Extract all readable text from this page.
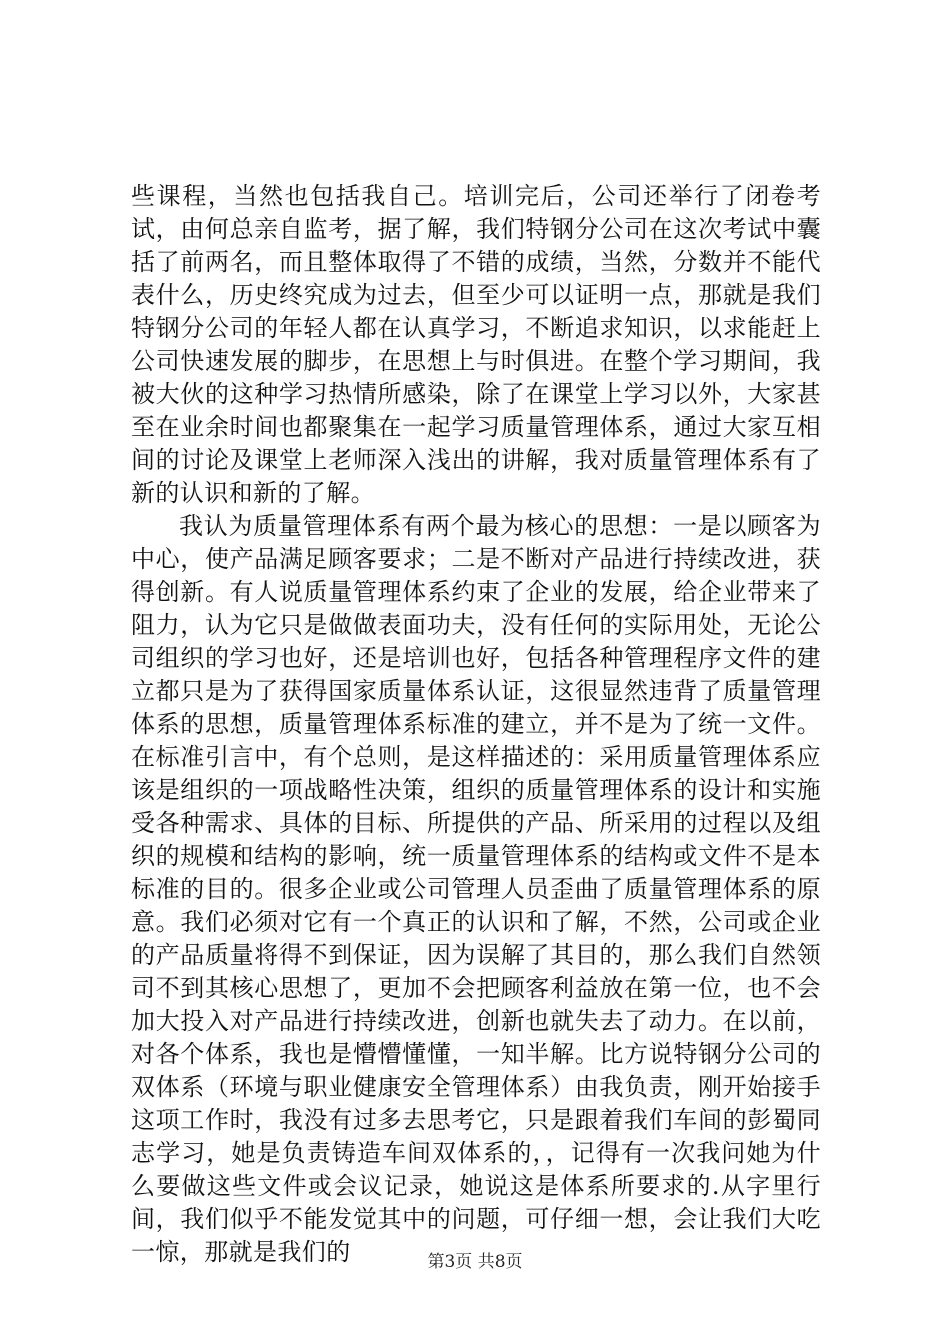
些课程，当然也包括我自己。培训完后，公司还举行了闭卷考试，由何总亲自监考，据了解，我们特钢分公司在这次考试中囊括了前两名，而且整体取得了不错的成绩，当然，分数并不能代表什么，历史终究成为过去，但至少可以证明一点，那就是我们特钢分公司的年轻人都在认真学习，不断追求知识，以求能赶上公司快速发展的脚步，在思想上与时俱进。在整个学习期间，我被大伙的这种学习热情所感染，除了在课堂上学习以外，大家甚至在业余时间也都聚集在一起学习质量管理体系，通过大家互相间的讨论及课堂上老师深入浅出的讲解，我对质量管理体系有了新的认识和新的了解。

我认为质量管理体系有两个最为核心的思想：一是以顾客为中心，使产品满足顾客要求；二是不断对产品进行持续改进，获得创新。有人说质量管理体系约束了企业的发展，给企业带来了阻力，认为它只是做做表面功夫，没有任何的实际用处，无论公司组织的学习也好，还是培训也好，包括各种管理程序文件的建立都只是为了获得国家质量体系认证，这很显然违背了质量管理体系的思想，质量管理体系标准的建立，并不是为了统一文件。在标准引言中，有个总则，是这样描述的：采用质量管理体系应该是组织的一项战略性决策，组织的质量管理体系的设计和实施受各种需求、具体的目标、所提供的产品、所采用的过程以及组织的规模和结构的影响，统一质量管理体系的结构或文件不是本标准的目的。很多企业或公司管理人员歪曲了质量管理体系的原意。我们必须对它有一个真正的认识和了解，不然，公司或企业的产品质量将得不到保证，因为误解了其目的，那么我们自然领司不到其核心思想了，更加不会把顾客利益放在第一位，也不会加大投入对产品进行持续改进，创新也就失去了动力。在以前，对各个体系，我也是懵懵懂懂，一知半解。比方说特钢分公司的双体系（环境与职业健康安全管理体系）由我负责，刚开始接手这项工作时，我没有过多去思考它，只是跟着我们车间的彭蜀同志学习，她是负责铸造车间双体系的，，记得有一次我问她为什么要做这些文件或会议记录，她说这是体系所要求的.从字里行间，我们似乎不能发觉其中的问题，可仔细一想，会让我们大吃一惊，那就是我们的	第3页 共8页
